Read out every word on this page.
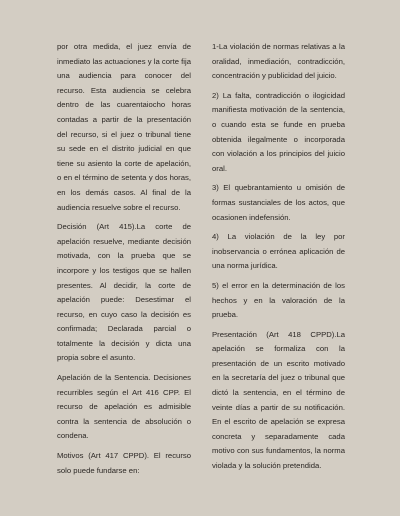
por otra medida, el juez envía de inmediato las actuaciones y la corte fija una audiencia para conocer del recurso. Esta audiencia se celebra dentro de las cuarentaiocho horas contadas a partir de la presentación del recurso, si el juez o tribunal tiene su sede en el distrito judicial en que tiene su asiento la corte de apelación, o en el término de setenta y dos horas, en los demás casos. Al final de la audiencia resuelve sobre el recurso.

Decisión (Art 415).La corte de apelación resuelve, mediante decisión motivada, con la prueba que se incorpore y los testigos que se hallen presentes. Al decidir, la corte de apelación puede: Desestimar el recurso, en cuyo caso la decisión es confirmada; Declarada parcial o totalmente la decisión y dicta una propia sobre el asunto.

Apelación de la Sentencia. Decisiones recurribles según el Art 416 CPP. El recurso de apelación es admisible contra la sentencia de absolución o condena.

Motivos (Art 417 CPPD). El recurso solo puede fundarse en:

1-La violación de normas relativas a la oralidad, inmediación, contradicción, concentración y publicidad del juicio.

2) La falta, contradicción o ilogicidad manifiesta motivación de la sentencia, o cuando esta se funde en prueba obtenida ilegalmente o incorporada con violación a los principios del juicio oral.

3) El quebrantamiento u omisión de formas sustanciales de los actos, que ocasionen indefensión.

4) La violación de la ley por inobservancia o errónea aplicación de una norma jurídica.

5) el error en la determinación de los hechos y en la valoración de la prueba.

Presentación (Art 418 CPPD).La apelación se formaliza con la presentación de un escrito motivado en la secretaría del juez o tribunal que dictó la sentencia, en el término de veinte días a partir de su notificación. En el escrito de apelación se expresa concreta y separadamente cada motivo con sus fundamentos, la norma violada y la solución pretendida.
